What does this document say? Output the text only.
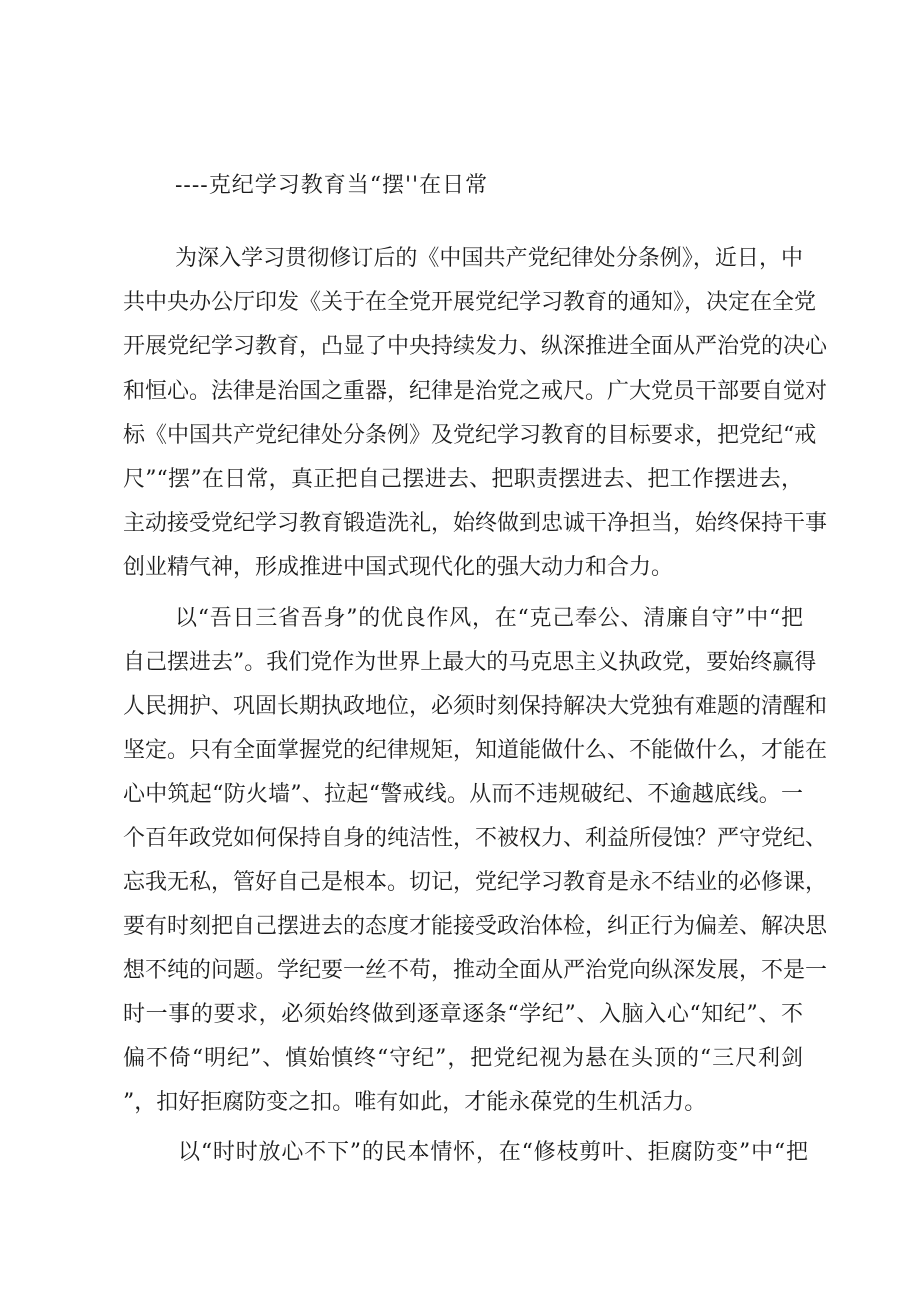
----克纪学习教育当“摆''在日常
为深入学习贯彻修订后的《中国共产党纪律处分条例》，近日，中
共中央办公厅印发《关于在全党开展党纪学习教育的通知》，决定在全党
开展党纪学习教育，凸显了中央持续发力、纵深推进全面从严治党的决心
和恒心。法律是治国之重器，纪律是治党之戒尺。广大党员干部要自觉对
标《中国共产党纪律处分条例》及党纪学习教育的目标要求，把党纪“戒
尺”“摆”在日常，真正把自己摆进去、把职责摆进去、把工作摆进去，
主动接受党纪学习教育锻造洗礼，始终做到忠诚干净担当，始终保持干事
创业精气神，形成推进中国式现代化的强大动力和合力。
以“吾日三省吾身”的优良作风，在“克己奉公、清廉自守”中“把
自己摆进去”。我们党作为世界上最大的马克思主义执政党，要始终赢得
人民拥护、巩固长期执政地位，必须时刻保持解决大党独有难题的清醒和
坚定。只有全面掌握党的纪律规矩，知道能做什么、不能做什么，才能在
心中筑起“防火墙”、拉起“警戒线。从而不违规破纪、不逾越底线。一
个百年政党如何保持自身的纯洁性，不被权力、利益所侵蚀？严守党纪、
忘我无私，管好自己是根本。切记，党纪学习教育是永不结业的必修课，
要有时刻把自己摆进去的态度才能接受政治体检，纠正行为偏差、解决思
想不纯的问题。学纪要一丝不苟，推动全面从严治党向纵深发展，不是一
时一事的要求，必须始终做到逐章逐条“学纪”、入脑入心“知纪”、不
偏不倚“明纪”、慎始慎终“守纪”，把党纪视为悬在头顶的“三尺利剑
”，扣好拒腐防变之扣。唯有如此，才能永葆党的生机活力。
以“时时放心不下”的民本情怀，在“修枝剪叶、拒腐防变”中“把
